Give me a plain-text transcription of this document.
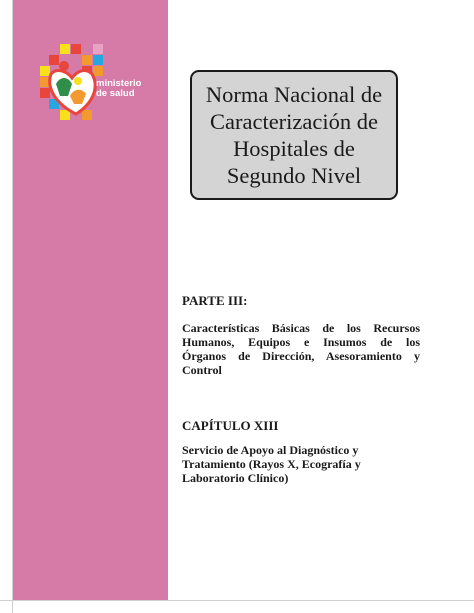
ministerio
de salud	Norma Nacional de
Caracterización de
Hospitales de
Segundo Nivel
PARTE III:
Características Básicas de los Recursos
Humanos, Equipos e Insumos de los
Órganos de Dirección, Asesoramiento y
Control
CAPÍTULO XIII
Servicio de Apoyo al Diagnóstico y
Tratamiento (Rayos X, Ecografía y
Laboratorio Clínico)
